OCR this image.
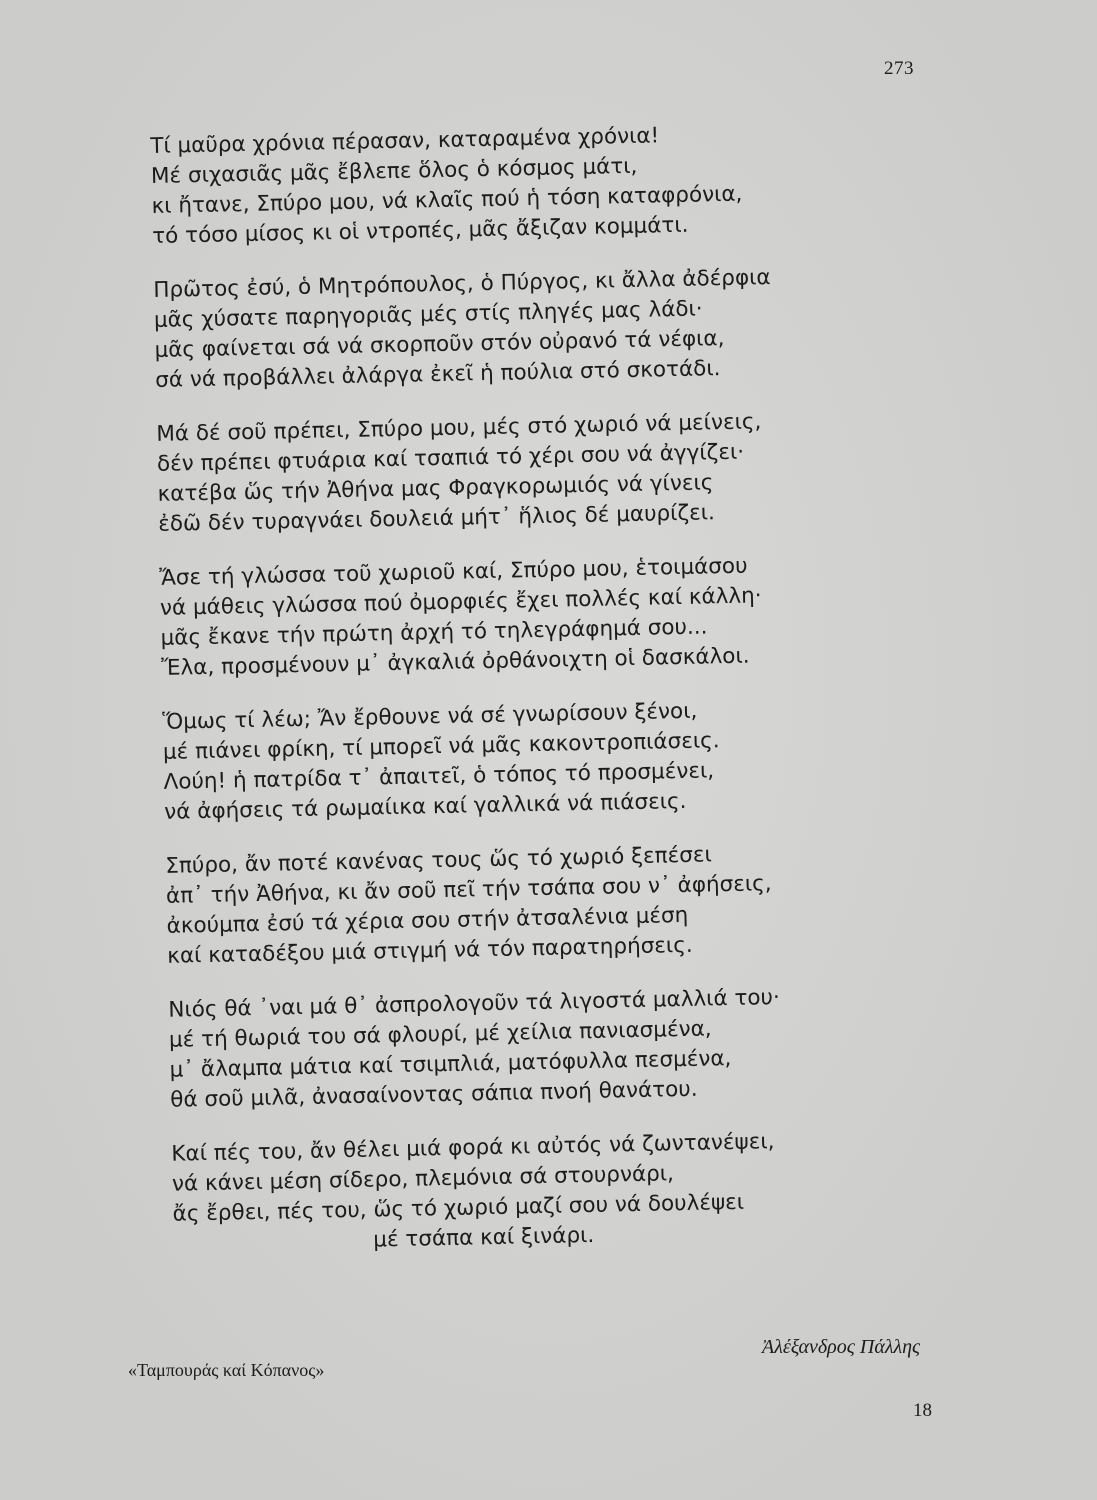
273
Τί μαῦρα χρόνια πέρασαν, καταραμένα χρόνια!
Μέ σιχασιᾶς μᾶς ἔβλεπε ὅλος ὁ κόσμος μάτι,
κι ἤτανε, Σπύρο μου, νά κλαῖς πού ἡ τόση καταφρόνια,
τό τόσο μίσος κι οἱ ντροπές, μᾶς ἄξιζαν κομμάτι.
Πρῶτος ἐσύ, ὁ Μητρόπουλος, ὁ Πύργος, κι ἄλλα ἀδέρφια
μᾶς χύσατε παρηγοριᾶς μές στίς πληγές μας λάδι·
μᾶς φαίνεται σά νά σκορποῦν στόν οὐρανό τά νέφια,
σά νά προβάλλει ἀλάργα ἐκεῖ ἡ πούλια στό σκοτάδι.
Μά δέ σοῦ πρέπει, Σπύρο μου, μές στό χωριό νά μείνεις,
δέν πρέπει φτυάρια καί τσαπιά τό χέρι σου νά ἀγγίζει·
κατέβα ὥς τήν Ἀθήνα μας Φραγκορωμιός νά γίνεις
ἐδῶ δέν τυραγνάει δουλειά μήτ᾽ ἥλιος δέ μαυρίζει.
Ἄσε τή γλώσσα τοῦ χωριοῦ καί, Σπύρο μου, ἑτοιμάσου
νά μάθεις γλώσσα πού ὀμορφιές ἔχει πολλές καί κάλλη·
μᾶς ἔκανε τήν πρώτη ἀρχή τό τηλεγράφημά σου...
Ἔλα, προσμένουν μ᾽ ἀγκαλιά ὀρθάνοιχτη οἱ δασκάλοι.
Ὅμως τί λέω; Ἄν ἔρθουνε νά σέ γνωρίσουν ξένοι,
μέ πιάνει φρίκη, τί μπορεῖ νά μᾶς κακοντροπιάσεις.
Λούη! ἡ πατρίδα τ᾽ ἀπαιτεῖ, ὁ τόπος τό προσμένει,
νά ἀφήσεις τά ρωμαίικα καί γαλλικά νά πιάσεις.
Σπύρο, ἄν ποτέ κανένας τους ὥς τό χωριό ξεπέσει
ἀπ᾽ τήν Ἀθήνα, κι ἄν σοῦ πεῖ τήν τσάπα σου ν᾽ ἀφήσεις,
ἀκούμπα ἐσύ τά χέρια σου στήν ἀτσαλένια μέση
καί καταδέξου μιά στιγμή νά τόν παρατηρήσεις.
Νιός θά ᾽ναι μά θ᾽ ἀσπρολογοῦν τά λιγοστά μαλλιά του·
μέ τή θωριά του σά φλουρί, μέ χείλια πανιασμένα,
μ᾽ ἄλαμπα μάτια καί τσιμπλιά, ματόφυλλα πεσμένα,
θά σοῦ μιλᾶ, ἀνασαίνοντας σάπια πνοή θανάτου.
Καί πές του, ἄν θέλει μιά φορά κι αὐτός νά ζωντανέψει,
νά κάνει μέση σίδερο, πλεμόνια σά στουρνάρι,
ἄς ἔρθει, πές του, ὥς τό χωριό μαζί σου νά δουλέψει
μέ τσάπα καί ξινάρι.
Ἀλέξανδρος Πάλλης
«Ταμπουράς καί Κόπανος»
18
